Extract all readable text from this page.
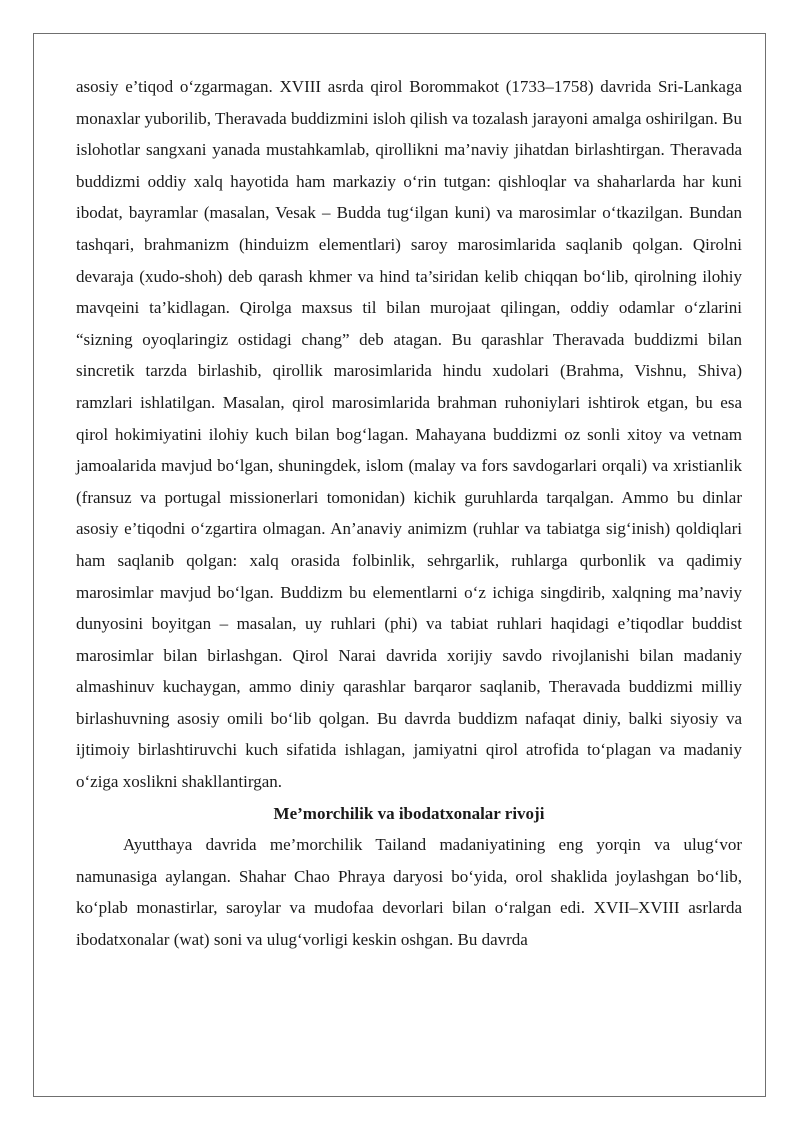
asosiy e’tiqod o‘zgarmagan. XVIII asrda qirol Borommakot (1733–1758) davrida Sri-Lankaga monaxlar yuborilib, Theravada buddizmini isloh qilish va tozalash jarayoni amalga oshirilgan. Bu islohotlar sangxani yanada mustahkamlab, qirollikni ma’naviy jihatdan birlashtirgan. Theravada buddizmi oddiy xalq hayotida ham markaziy o‘rin tutgan: qishloqlar va shaharlarda har kuni ibodat, bayramlar (masalan, Vesak – Budda tug‘ilgan kuni) va marosimlar o‘tkazilgan. Bundan tashqari, brahmanizm (hinduizm elementlari) saroy marosimlarida saqlanib qolgan. Qirolni devaraja (xudo-shoh) deb qarash khmer va hind ta’siridan kelib chiqqan bo‘lib, qirolning ilohiy mavqeini ta’kidlagan. Qirolga maxsus til bilan murojaat qilingan, oddiy odamlar o‘zlarini “sizning oyoqlaringiz ostidagi chang” deb atagan. Bu qarashlar Theravada buddizmi bilan sincretik tarzda birlashib, qirollik marosimlarida hindu xudolari (Brahma, Vishnu, Shiva) ramzlari ishlatilgan. Masalan, qirol marosimlarida brahman ruhoniylari ishtirok etgan, bu esa qirol hokimiyatini ilohiy kuch bilan bog‘lagan. Mahayana buddizmi oz sonli xitoy va vetnam jamoalarida mavjud bo‘lgan, shuningdek, islom (malay va fors savdogarlari orqali) va xristianlik (fransuz va portugal missionerlari tomonidan) kichik guruhlarda tarqalgan. Ammo bu dinlar asosiy e’tiqodni o‘zgartira olmagan. An’anaviy animizm (ruhlar va tabiatga sig‘inish) qoldiqlari ham saqlanib qolgan: xalq orasida folbinlik, sehrgarlik, ruhlarga qurbonlik va qadimiy marosimlar mavjud bo‘lgan. Buddizm bu elementlarni o‘z ichiga singdirib, xalqning ma’naviy dunyosini boyitgan – masalan, uy ruhlari (phi) va tabiat ruhlari haqidagi e’tiqodlar buddist marosimlar bilan birlashgan. Qirol Narai davrida xorijiy savdo rivojlanishi bilan madaniy almashinuv kuchaygan, ammo diniy qarashlar barqaror saqlanib, Theravada buddizmi milliy birlashuvning asosiy omili bo‘lib qolgan. Bu davrda buddizm nafaqat diniy, balki siyosiy va ijtimoiy birlashtiruvchi kuch sifatida ishlagan, jamiyatni qirol atrofida to‘plagan va madaniy o‘ziga xoslikni shakllantirgan.

Me’morchilik va ibodatxonalar rivoji

Ayutthaya davrida me’morchilik Tailand madaniyatining eng yorqin va ulug‘vor namunasiga aylangan. Shahar Chao Phraya daryosi bo‘yida, orol shaklida joylashgan bo‘lib, ko‘plab monastirlar, saroylar va mudofaa devorlari bilan o‘ralgan edi. XVII–XVIII asrlarda ibodatxonalar (wat) soni va ulug‘vorligi keskin oshgan. Bu davrda
